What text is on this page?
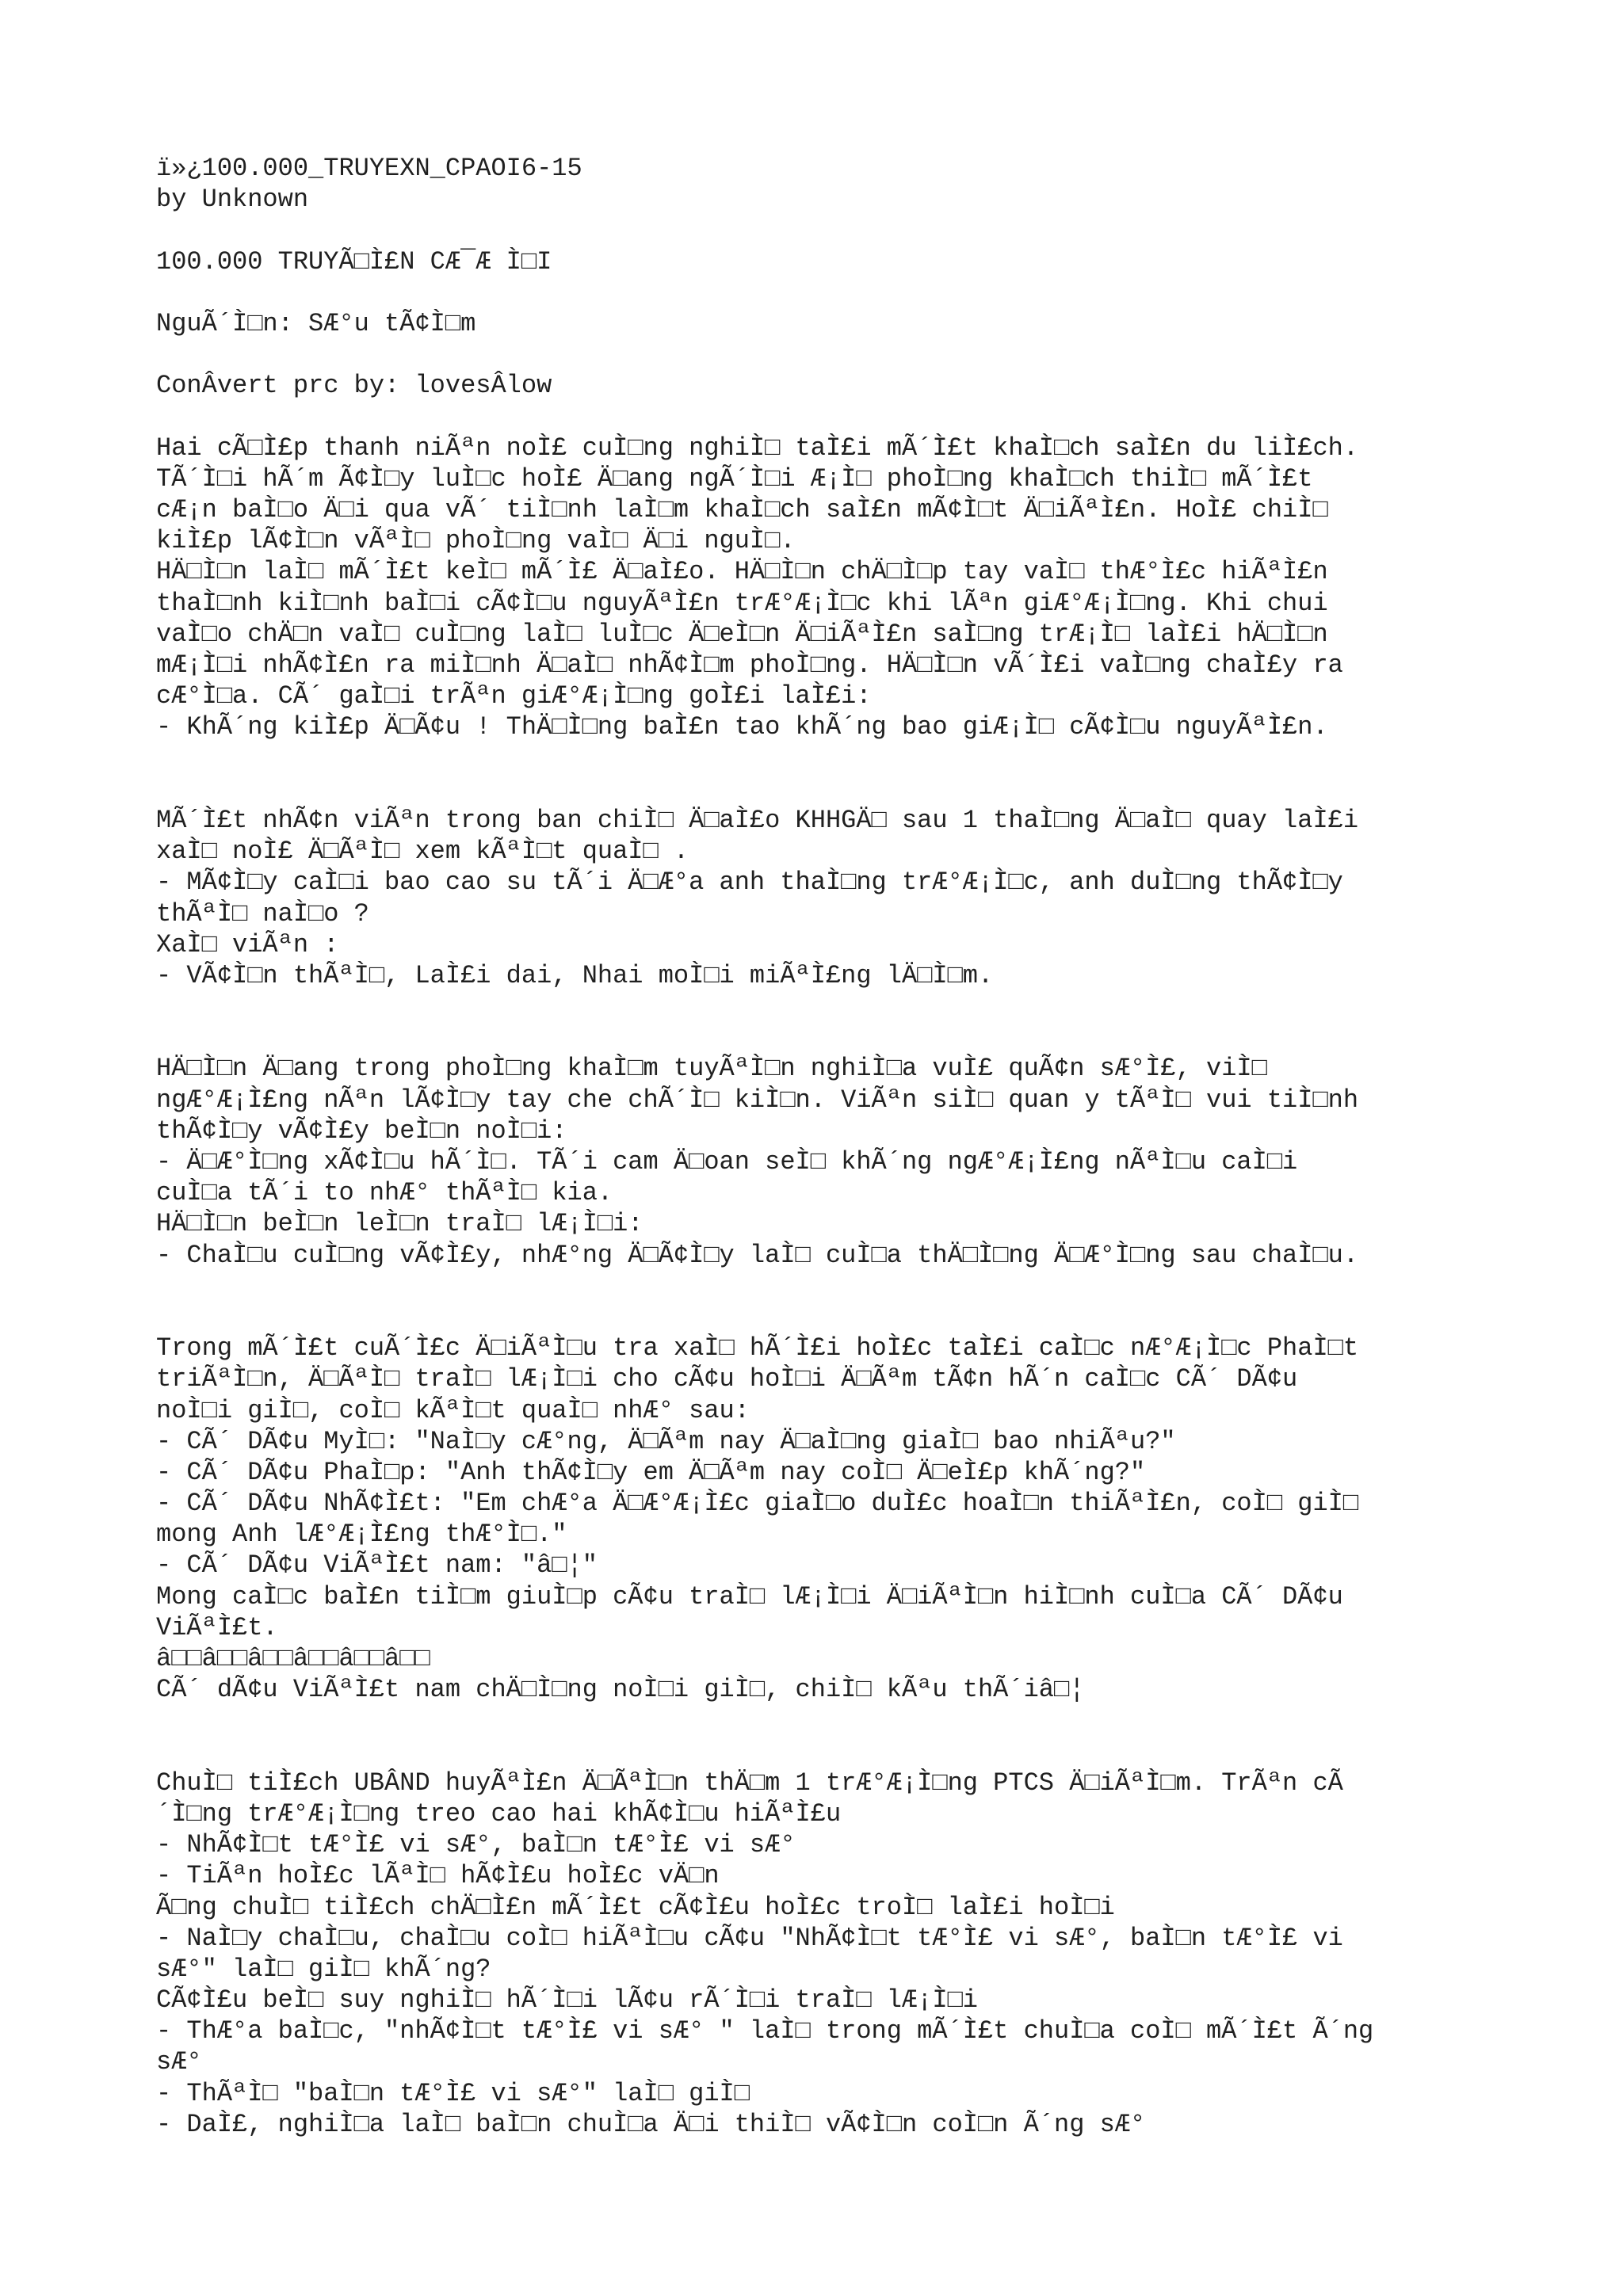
ï»¿100.000_TRUYEXN_CPAOI6-15
by Unknown
100.000 TRUYÃ□Ì£N CÆ¯Æ Ì□I
NguÃ´Ì□n: SÆ°u tÃ¢Ì□m
ConÂvert prc by: lovesÂlow
Hai cÃ□Ì£p thanh niÃªn noÌ£ cuÌ□ng nghiÌ□ taÌ£i mÃ´Ì£t khaÌ□ch saÌ£n du liÌ£ch.
TÃ´Ì□i hÃ´m Ã¢Ì□y luÌ□c hoÌ£ Ä□ang ngÃ´Ì□i Æ¡Ì□ phoÌ□ng khaÌ□ch thiÌ□ mÃ´Ì£t
cÆ¡n baÌ□o Ä□i qua vÃ´ tiÌ□nh laÌ□m khaÌ□ch saÌ£n mÃ¢Ì□t Ä□iÃªÌ£n. HoÌ£ chiÌ□
kiÌ£p lÃ¢Ì□n vÃªÌ□ phoÌ□ng vaÌ□ Ä□i nguÌ□.
HÄ□Ì□n laÌ□ mÃ´Ì£t keÌ□ mÃ´Ì£ Ä□aÌ£o. HÄ□Ì□n chÄ□Ì□p tay vaÌ□ thÆ°Ì£c hiÃªÌ£n
thaÌ□nh kiÌ□nh baÌ□i cÃ¢Ì□u nguyÃªÌ£n trÆ°Æ¡Ì□c khi lÃªn giÆ°Æ¡Ì□ng. Khi chui
vaÌ□o chÄ□n vaÌ□ cuÌ□ng laÌ□ luÌ□c Ä□eÌ□n Ä□iÃªÌ£n saÌ□ng trÆ¡Ì□ laÌ£i hÄ□Ì□n
mÆ¡Ì□i nhÃ¢Ì£n ra miÌ□nh Ä□aÌ□ nhÃ¢Ì□m phoÌ□ng. HÄ□Ì□n vÃ´Ì£i vaÌ□ng chaÌ£y ra
cÆ°Ì□a. CÃ´ gaÌ□i trÃªn giÆ°Æ¡Ì□ng goÌ£i laÌ£i:
- KhÃ´ng kiÌ£p Ä□Ã¢u ! ThÄ□Ì□ng baÌ£n tao khÃ´ng bao giÆ¡Ì□ cÃ¢Ì□u nguyÃªÌ£n.
MÃ´Ì£t nhÃ¢n viÃªn trong ban chiÌ□ Ä□aÌ£o KHHGÄ□ sau 1 thaÌ□ng Ä□aÌ□ quay laÌ£i
xaÌ□ noÌ£ Ä□ÃªÌ□ xem kÃªÌ□t quaÌ□ .
- MÃ¢Ì□y caÌ□i bao cao su tÃ´i Ä□Æ°a anh thaÌ□ng trÆ°Æ¡Ì□c, anh duÌ□ng thÃ¢Ì□y
thÃªÌ□ naÌ□o ?
XaÌ□ viÃªn :
- VÃ¢Ì□n thÃªÌ□, LaÌ£i dai, Nhai moÌ□i miÃªÌ£ng lÄ□Ì□m.
HÄ□Ì□n Ä□ang trong phoÌ□ng khaÌ□m tuyÃªÌ□n nghiÌ□a vuÌ£ quÃ¢n sÆ°Ì£, viÌ□
ngÆ°Æ¡Ì£ng nÃªn lÃ¢Ì□y tay che chÃ´Ì□ kiÌ□n. ViÃªn siÌ□ quan y tÃªÌ□ vui tiÌ□nh
thÃ¢Ì□y vÃ¢Ì£y beÌ□n noÌ□i:
- Ä□Æ°Ì□ng xÃ¢Ì□u hÃ´Ì□. TÃ´i cam Ä□oan seÌ□ khÃ´ng ngÆ°Æ¡Ì£ng nÃªÌ□u caÌ□i
cuÌ□a tÃ´i to nhÆ° thÃªÌ□ kia.
HÄ□Ì□n beÌ□n leÌ□n traÌ□ lÆ¡Ì□i:
- ChaÌ□u cuÌ□ng vÃ¢Ì£y, nhÆ°ng Ä□Ã¢Ì□y laÌ□ cuÌ□a thÄ□Ì□ng Ä□Æ°Ì□ng sau chaÌ□u.
Trong mÃ´Ì£t cuÃ´Ì£c Ä□iÃªÌ□u tra xaÌ□ hÃ´Ì£i hoÌ£c taÌ£i caÌ□c nÆ°Æ¡Ì□c PhaÌ□t
triÃªÌ□n, Ä□ÃªÌ□ traÌ□ lÆ¡Ì□i cho cÃ¢u hoÌ□i Ä□Ãªm tÃ¢n hÃ´n caÌ□c CÃ´ DÃ¢u
noÌ□i giÌ□, coÌ□ kÃªÌ□t quaÌ□ nhÆ° sau:
- CÃ´ DÃ¢u MyÌ□: "NaÌ□y cÆ°ng, Ä□Ãªm nay Ä□aÌ□ng giaÌ□ bao nhiÃªu?"
- CÃ´ DÃ¢u PhaÌ□p: "Anh thÃ¢Ì□y em Ä□Ãªm nay coÌ□ Ä□eÌ£p khÃ´ng?"
- CÃ´ DÃ¢u NhÃ¢Ì£t: "Em chÆ°a Ä□Æ°Æ¡Ì£c giaÌ□o duÌ£c hoaÌ□n thiÃªÌ£n, coÌ□ giÌ□
mong Anh lÆ°Æ¡Ì£ng thÆ°Ì□."
- CÃ´ DÃ¢u ViÃªÌ£t nam: "â□¦"
Mong caÌ□c baÌ£n tiÌ□m giuÌ□p cÃ¢u traÌ□ lÆ¡Ì□i Ä□iÃªÌ□n hiÌ□nh cuÌ□a CÃ´ DÃ¢u
ViÃªÌ£t.
â□□â□□â□□â□□â□□â□□
CÃ´ dÃ¢u ViÃªÌ£t nam chÄ□Ì□ng noÌ□i giÌ□, chiÌ□ kÃªu thÃ´iâ□¦
ChuÌ□ tiÌ£ch UBÂND huyÃªÌ£n Ä□ÃªÌ□n thÄ□m 1 trÆ°Æ¡Ì□ng PTCS Ä□iÃªÌ□m. TrÃªn cÃ
´Ì□ng trÆ°Æ¡Ì□ng treo cao hai khÃ¢Ì□u hiÃªÌ£u
- NhÃ¢Ì□t tÆ°Ì£ vi sÆ°, baÌ□n tÆ°Ì£ vi sÆ°
- TiÃªn hoÌ£c lÃªÌ□ hÃ¢Ì£u hoÌ£c vÄ□n
Ã□ng chuÌ□ tiÌ£ch chÄ□Ì£n mÃ´Ì£t cÃ¢Ì£u hoÌ£c troÌ□ laÌ£i hoÌ□i
- NaÌ□y chaÌ□u, chaÌ□u coÌ□ hiÃªÌ□u cÃ¢u "NhÃ¢Ì□t tÆ°Ì£ vi sÆ°, baÌ□n tÆ°Ì£ vi
sÆ°" laÌ□ giÌ□ khÃ´ng?
CÃ¢Ì£u beÌ□ suy nghiÌ□ hÃ´Ì□i lÃ¢u rÃ´Ì□i traÌ□ lÆ¡Ì□i
- ThÆ°a baÌ□c, "nhÃ¢Ì□t tÆ°Ì£ vi sÆ° " laÌ□ trong mÃ´Ì£t chuÌ□a coÌ□ mÃ´Ì£t Ã´ng
sÆ°
- ThÃªÌ□ "baÌ□n tÆ°Ì£ vi sÆ°" laÌ□ giÌ□
- DaÌ£, nghiÌ□a laÌ□ baÌ□n chuÌ□a Ä□i thiÌ□ vÃ¢Ì□n coÌ□n Ã´ng sÆ°
